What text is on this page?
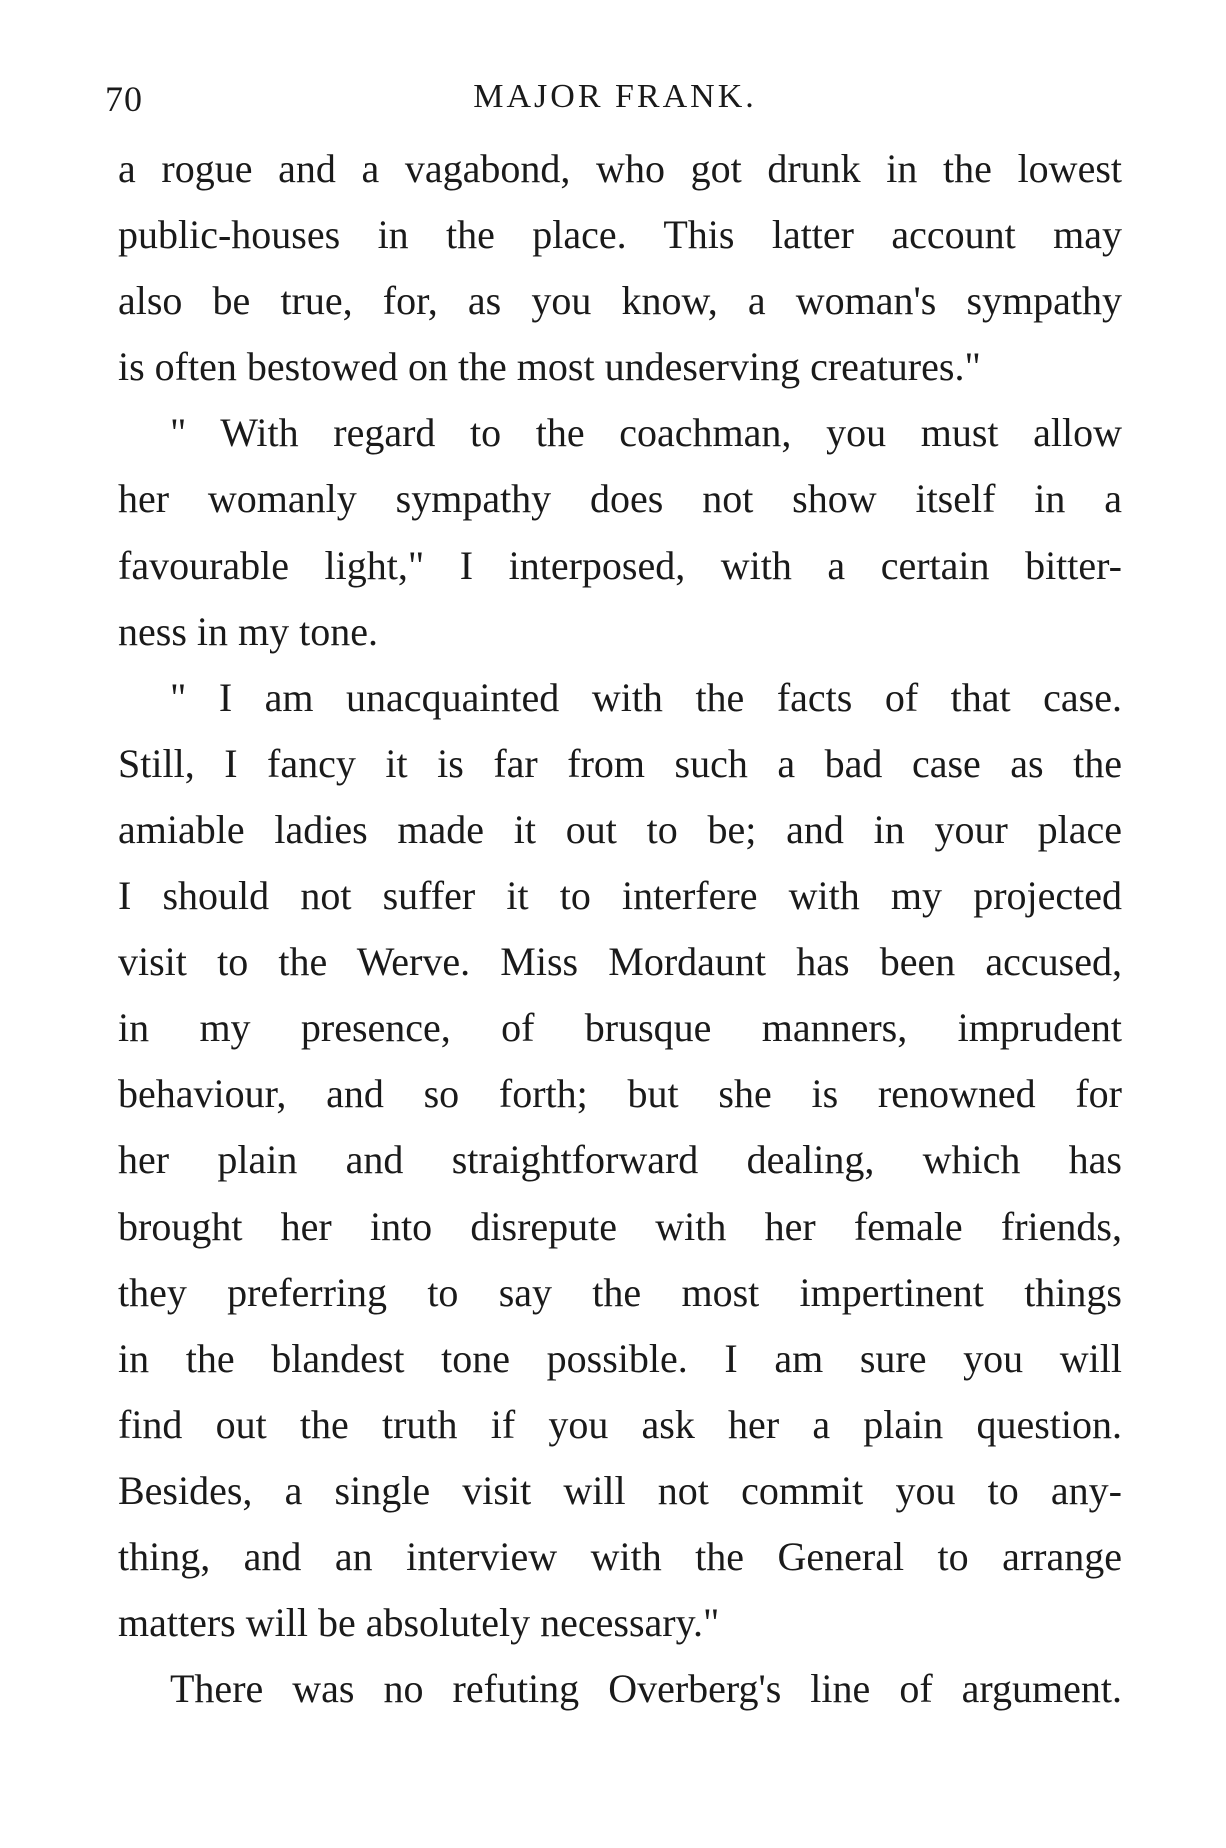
70	MAJOR FRANK.

a rogue and a vagabond, who got drunk in the lowest
public-houses in the place. This latter account may
also be true, for, as you know, a woman's sympathy
is often bestowed on the most undeserving creatures."

" With regard to the coachman, you must allow
her womanly sympathy does not show itself in a
favourable light," I interposed, with a certain bitter-
ness in my tone.

" I am unacquainted with the facts of that case.
Still, I fancy it is far from such a bad case as the
amiable ladies made it out to be; and in your place
I should not suffer it to interfere with my projected
visit to the Werve. Miss Mordaunt has been accused,
in my presence, of brusque manners, imprudent
behaviour, and so forth; but she is renowned for
her plain and straightforward dealing, which has
brought her into disrepute with her female friends,
they preferring to say the most impertinent things
in the blandest tone possible. I am sure you will
find out the truth if you ask her a plain question.
Besides, a single visit will not commit you to any-
thing, and an interview with the General to arrange
matters will be absolutely necessary."

There was no refuting Overberg's line of argument.
